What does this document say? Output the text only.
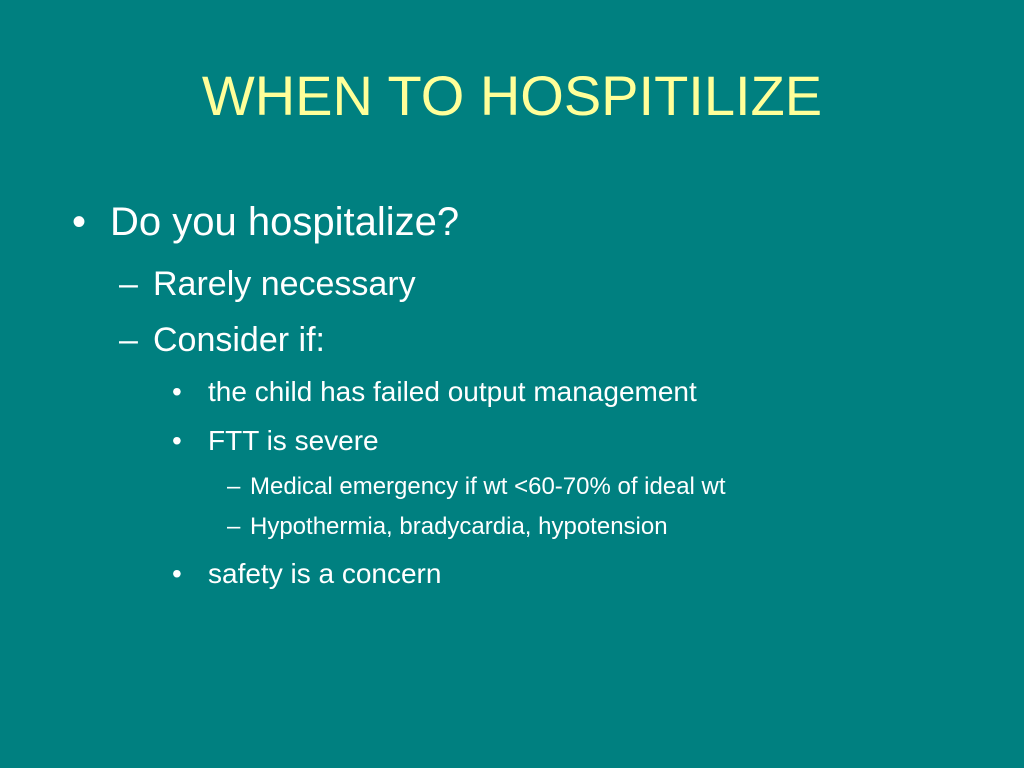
WHEN TO HOSPITILIZE
• Do you hospitalize?
– Rarely necessary
– Consider if:
• the child has failed output management
• FTT is severe
– Medical emergency if wt <60-70% of ideal wt
– Hypothermia, bradycardia, hypotension
• safety is a concern
